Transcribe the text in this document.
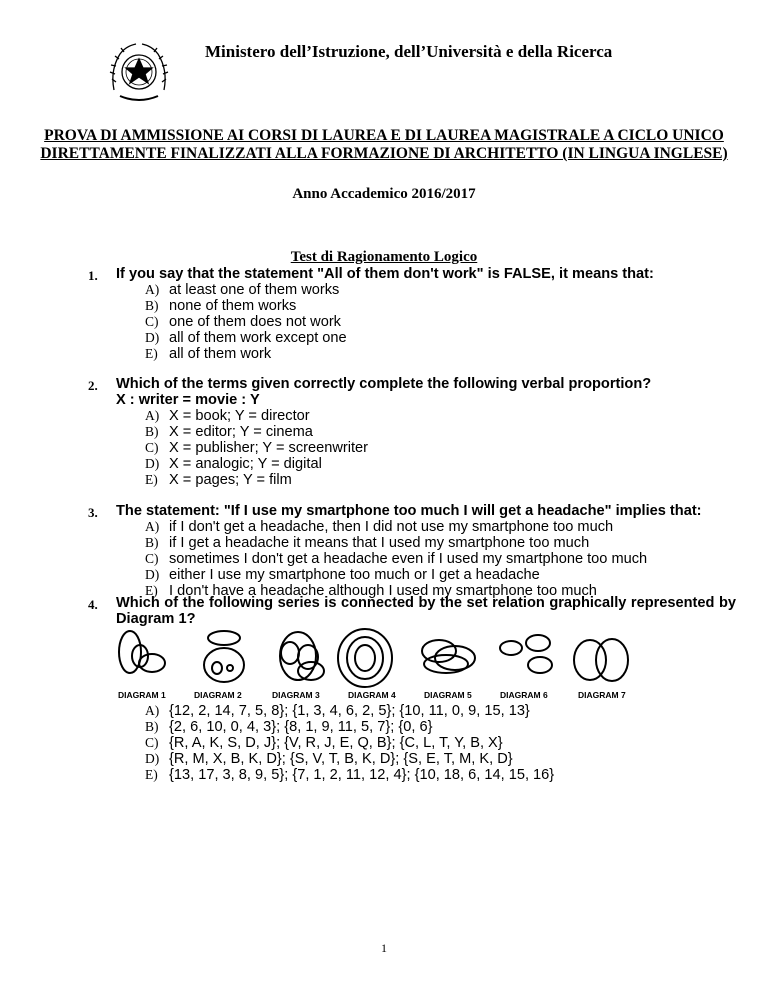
Ministero dell’Istruzione, dell’Università e della Ricerca
PROVA DI AMMISSIONE AI CORSI DI LAUREA E DI LAUREA MAGISTRALE A CICLO UNICO
DIRETTAMENTE FINALIZZATI ALLA FORMAZIONE DI ARCHITETTO (IN LINGUA INGLESE)
Anno Accademico 2016/2017
Test di Ragionamento Logico
1. If you say that the statement "All of them don't work" is FALSE, it means that:
A) at least one of them works
B) none of them works
C) one of them does not work
D) all of them work except one
E) all of them work
2. Which of the terms given correctly complete the following verbal proportion?
X : writer = movie : Y
A) X = book; Y = director
B) X = editor; Y = cinema
C) X = publisher; Y = screenwriter
D) X = analogic; Y = digital
E) X = pages; Y = film
3. The statement: "If I use my smartphone too much I will get a headache" implies that:
A) if I don't get a headache, then I did not use my smartphone too much
B) if I get a headache it means that I used my smartphone too much
C) sometimes I don't get a headache even if I used my smartphone too much
D) either I use my smartphone too much or I get a headache
E) I don't have a headache although I used my smartphone too much
4. Which of the following series is connected by the set relation graphically represented by Diagram 1?
DIAGRAM 1	DIAGRAM 2	DIAGRAM 3	DIAGRAM 4	DIAGRAM 5	DIAGRAM 6	DIAGRAM 7
A) {12, 2, 14, 7, 5, 8}; {1, 3, 4, 6, 2, 5}; {10, 11, 0, 9, 15, 13}
B) {2, 6, 10, 0, 4, 3}; {8, 1, 9, 11, 5, 7}; {0, 6}
C) {R, A, K, S, D, J}; {V, R, J, E, Q, B}; {C, L, T, Y, B, X}
D) {R, M, X, B, K, D}; {S, V, T, B, K, D}; {S, E, T, M, K, D}
E) {13, 17, 3, 8, 9, 5}; {7, 1, 2, 11, 12, 4}; {10, 18, 6, 14, 15, 16}
1
